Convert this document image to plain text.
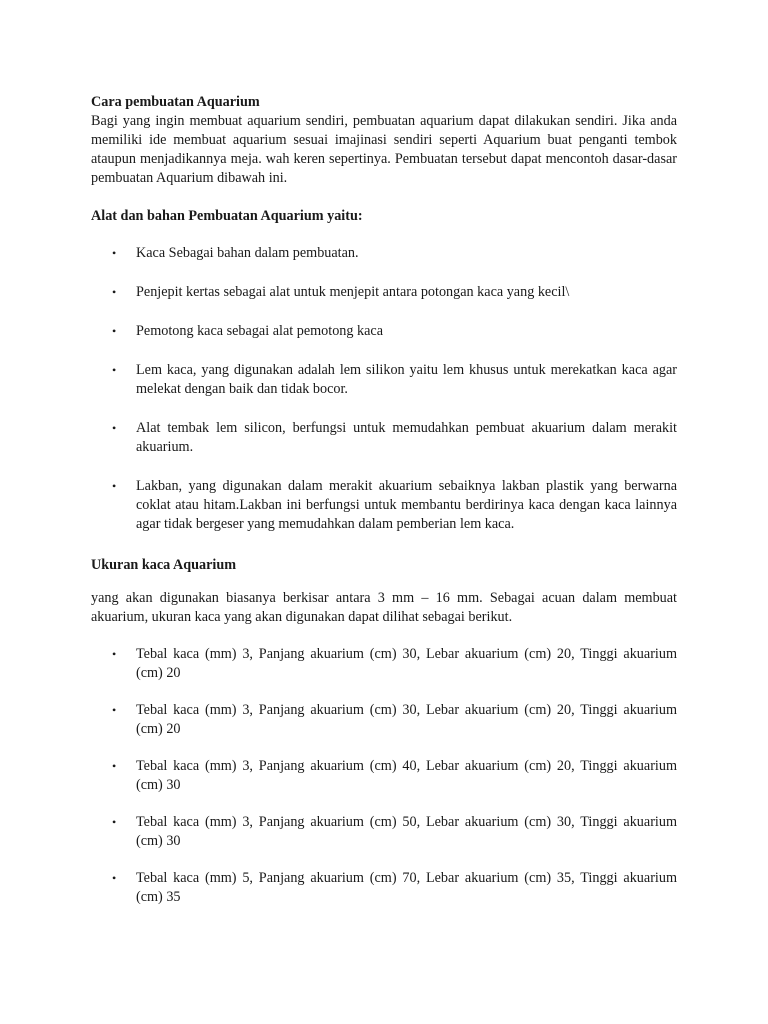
Cara pembuatan Aquarium

Bagi yang ingin membuat aquarium sendiri, pembuatan aquarium dapat dilakukan sendiri. Jika anda memiliki ide membuat aquarium sesuai imajinasi sendiri seperti Aquarium buat penganti tembok ataupun menjadikannya meja. wah keren sepertinya. Pembuatan tersebut dapat mencontoh dasar-dasar pembuatan Aquarium dibawah ini.

Alat dan bahan Pembuatan Aquarium yaitu:

• Kaca Sebagai bahan dalam pembuatan.
• Penjepit kertas sebagai alat untuk menjepit antara potongan kaca yang kecil\
• Pemotong kaca sebagai alat pemotong kaca
• Lem kaca, yang digunakan adalah lem silikon yaitu lem khusus untuk merekatkan kaca agar melekat dengan baik dan tidak bocor.
• Alat tembak lem silicon, berfungsi untuk memudahkan pembuat akuarium dalam merakit akuarium.
• Lakban, yang digunakan dalam merakit akuarium sebaiknya lakban plastik yang berwarna coklat atau hitam.Lakban ini berfungsi untuk membantu berdirinya kaca dengan kaca lainnya agar tidak bergeser yang memudahkan dalam pemberian lem kaca.

Ukuran kaca Aquarium

yang akan digunakan biasanya berkisar antara 3 mm – 16 mm. Sebagai acuan dalam membuat akuarium, ukuran kaca yang akan digunakan dapat dilihat sebagai berikut.

• Tebal kaca (mm) 3, Panjang akuarium (cm) 30, Lebar akuarium (cm) 20, Tinggi akuarium (cm) 20
• Tebal kaca (mm) 3, Panjang akuarium (cm) 30, Lebar akuarium (cm) 20, Tinggi akuarium (cm) 20
• Tebal kaca (mm) 3, Panjang akuarium (cm) 40, Lebar akuarium (cm) 20, Tinggi akuarium (cm) 30
• Tebal kaca (mm) 3, Panjang akuarium (cm) 50, Lebar akuarium (cm) 30, Tinggi akuarium (cm) 30
• Tebal kaca (mm) 5, Panjang akuarium (cm) 70, Lebar akuarium (cm) 35, Tinggi akuarium (cm) 35
